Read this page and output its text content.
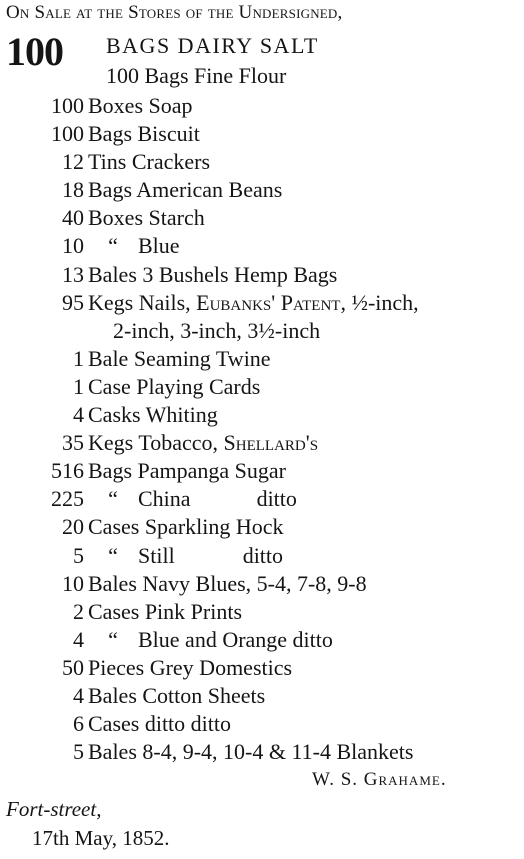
On Sale at the Stores of the Undersigned,
100 BAGS DAIRY SALT
100 Bags Fine Flour
100 Boxes Soap
100 Bags Biscuit
12 Tins Crackers
18 Bags American Beans
40 Boxes Starch
10	“ Blue
13 Bales 3 Bushels Hemp Bags
95 Kegs Nails, Eubanks' Patent, ½-inch,
2-inch, 3-inch, 3½-inch
1 Bale Seaming Twine
1 Case Playing Cards
4 Casks Whiting
35 Kegs Tobacco, Shellard's
516 Bags Pampanga Sugar
225	“ China	ditto
20 Cases Sparkling Hock
5	“ Still	ditto
10 Bales Navy Blues, 5-4, 7-8, 9-8
2 Cases Pink Prints
4	“ Blue and Orange ditto
50 Pieces Grey Domestics
4 Bales Cotton Sheets
6 Cases ditto ditto
5 Bales 8-4, 9-4, 10-4 & 11-4 Blankets
W. S. Grahame.
Fort-street,
17th May, 1852.
